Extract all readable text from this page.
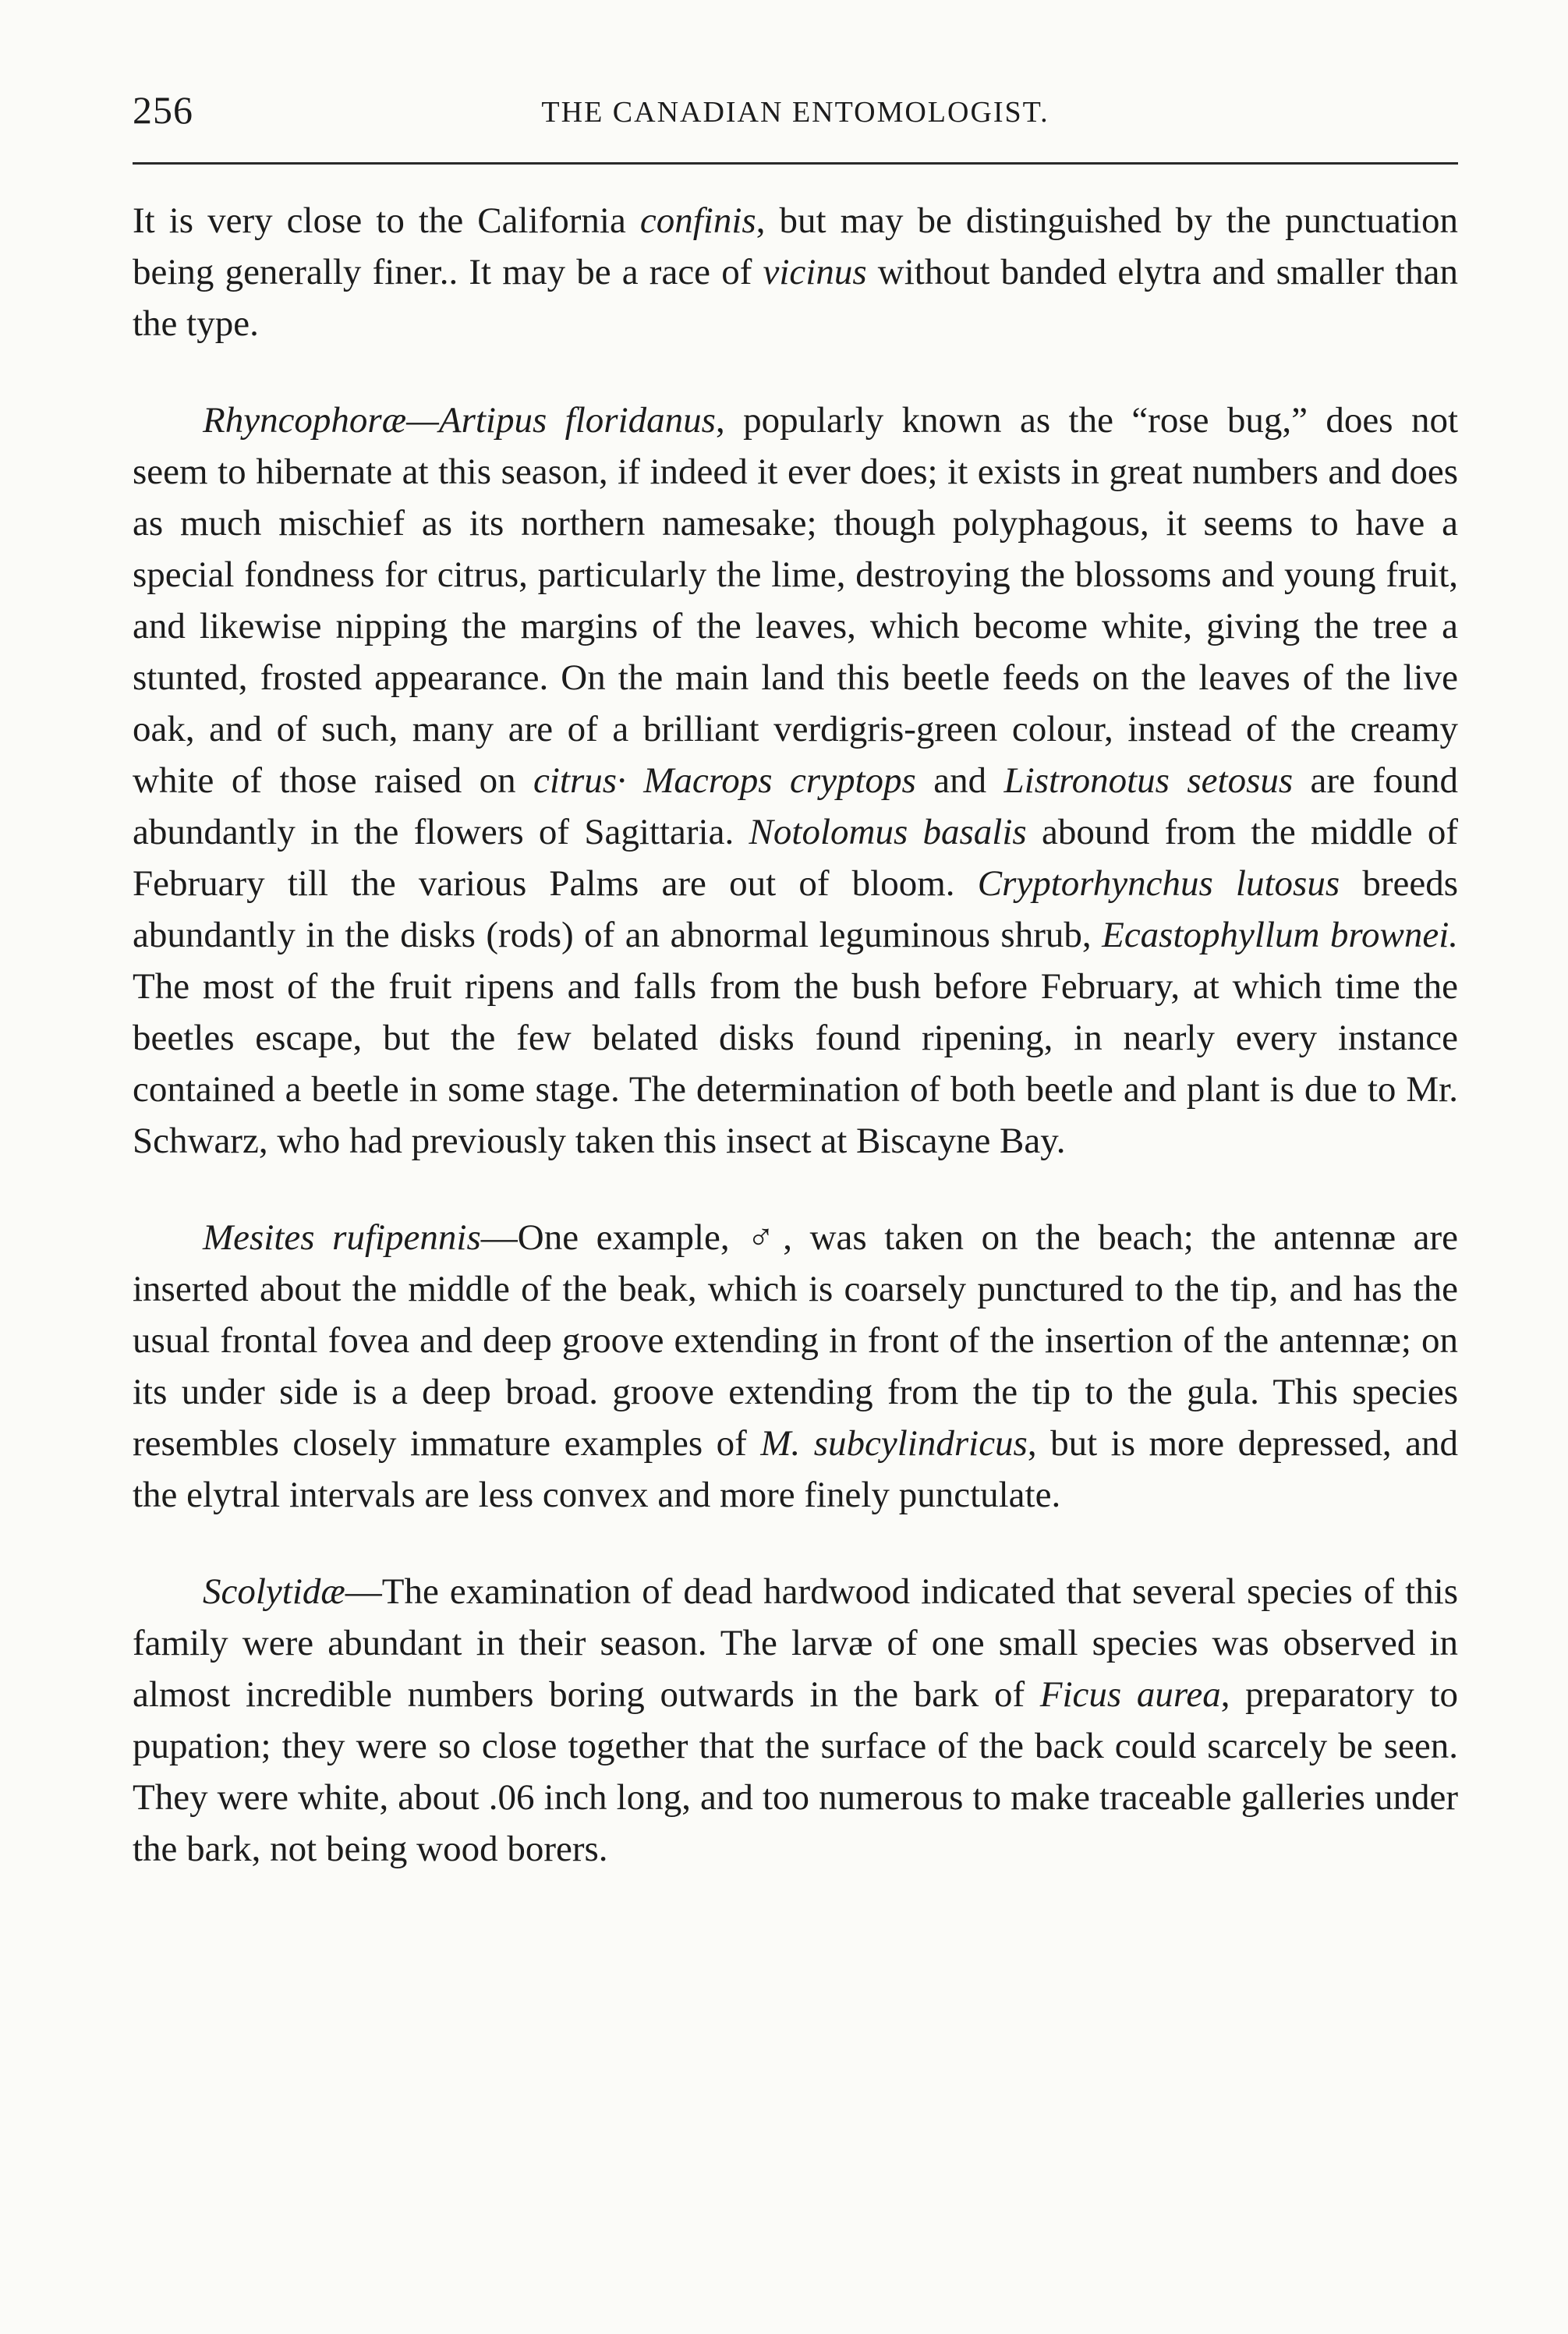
256	THE CANADIAN ENTOMOLOGIST.

It is very close to the California confinis, but may be distinguished by the punctuation being generally finer.. It may be a race of vicinus without banded elytra and smaller than the type.

Rhyncophoræ—Artipus floridanus, popularly known as the “rose bug,” does not seem to hibernate at this season, if indeed it ever does; it exists in great numbers and does as much mischief as its northern namesake; though polyphagous, it seems to have a special fondness for citrus, particularly the lime, destroying the blossoms and young fruit, and likewise nipping the margins of the leaves, which become white, giving the tree a stunted, frosted appearance. On the main land this beetle feeds on the leaves of the live oak, and of such, many are of a brilliant verdigris-green colour, instead of the creamy white of those raised on citrus· Macrops cryptops and Listronotus setosus are found abundantly in the flowers of Sagittaria. Notolomus basalis abound from the middle of February till the various Palms are out of bloom. Cryptorhynchus lutosus breeds abundantly in the disks (rods) of an abnormal leguminous shrub, Ecastophyllum brownei. The most of the fruit ripens and falls from the bush before February, at which time the beetles escape, but the few belated disks found ripening, in nearly every instance contained a beetle in some stage. The determination of both beetle and plant is due to Mr. Schwarz, who had previously taken this insect at Biscayne Bay.

Mesites rufipennis—One example, ♂, was taken on the beach; the antennæ are inserted about the middle of the beak, which is coarsely punctured to the tip, and has the usual frontal fovea and deep groove extending in front of the insertion of the antennæ; on its under side is a deep broad. groove extending from the tip to the gula. This species resembles closely immature examples of M. subcylindricus, but is more depressed, and the elytral intervals are less convex and more finely punctulate.

Scolytidæ—The examination of dead hardwood indicated that several species of this family were abundant in their season. The larvæ of one small species was observed in almost incredible numbers boring outwards in the bark of Ficus aurea, preparatory to pupation; they were so close together that the surface of the back could scarcely be seen. They were white, about .06 inch long, and too numerous to make traceable galleries under the bark, not being wood borers.
